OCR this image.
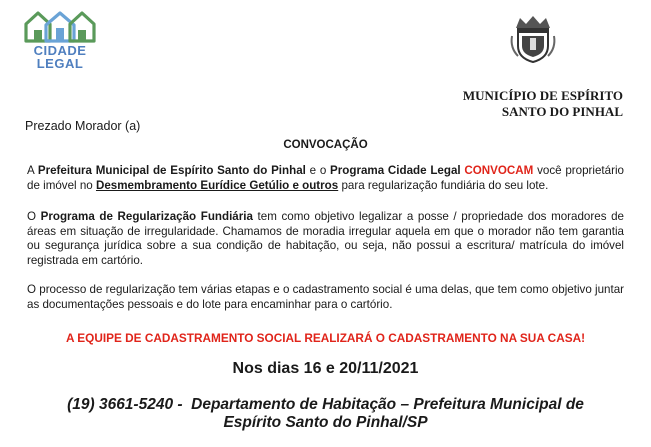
CIDADE
LEGAL
MUNICÍPIO DE ESPÍRITO
SANTO DO PINHAL
Prezado Morador (a)
CONVOCAÇÃO

A Prefeitura Municipal de Espírito Santo do Pinhal e o Programa Cidade Legal CONVOCAM você proprietário de imóvel no Desmembramento Eurídice Getúlio e outros para regularização fundiária do seu lote.

O Programa de Regularização Fundiária tem como objetivo legalizar a posse / propriedade dos moradores de áreas em situação de irregularidade. Chamamos de moradia irregular aquela em que o morador não tem garantia ou segurança jurídica sobre a sua condição de habitação, ou seja, não possui a escritura/ matrícula do imóvel registrada em cartório.

O processo de regularização tem várias etapas e o cadastramento social é uma delas, que tem como objetivo juntar as documentações pessoais e do lote para encaminhar para o cartório.

A EQUIPE DE CADASTRAMENTO SOCIAL REALIZARÁ O CADASTRAMENTO NA SUA CASA!
Nos dias 16 e 20/11/2021
(19) 3661-5240 -  Departamento de Habitação – Prefeitura Municipal de
Espírito Santo do Pinhal/SP
